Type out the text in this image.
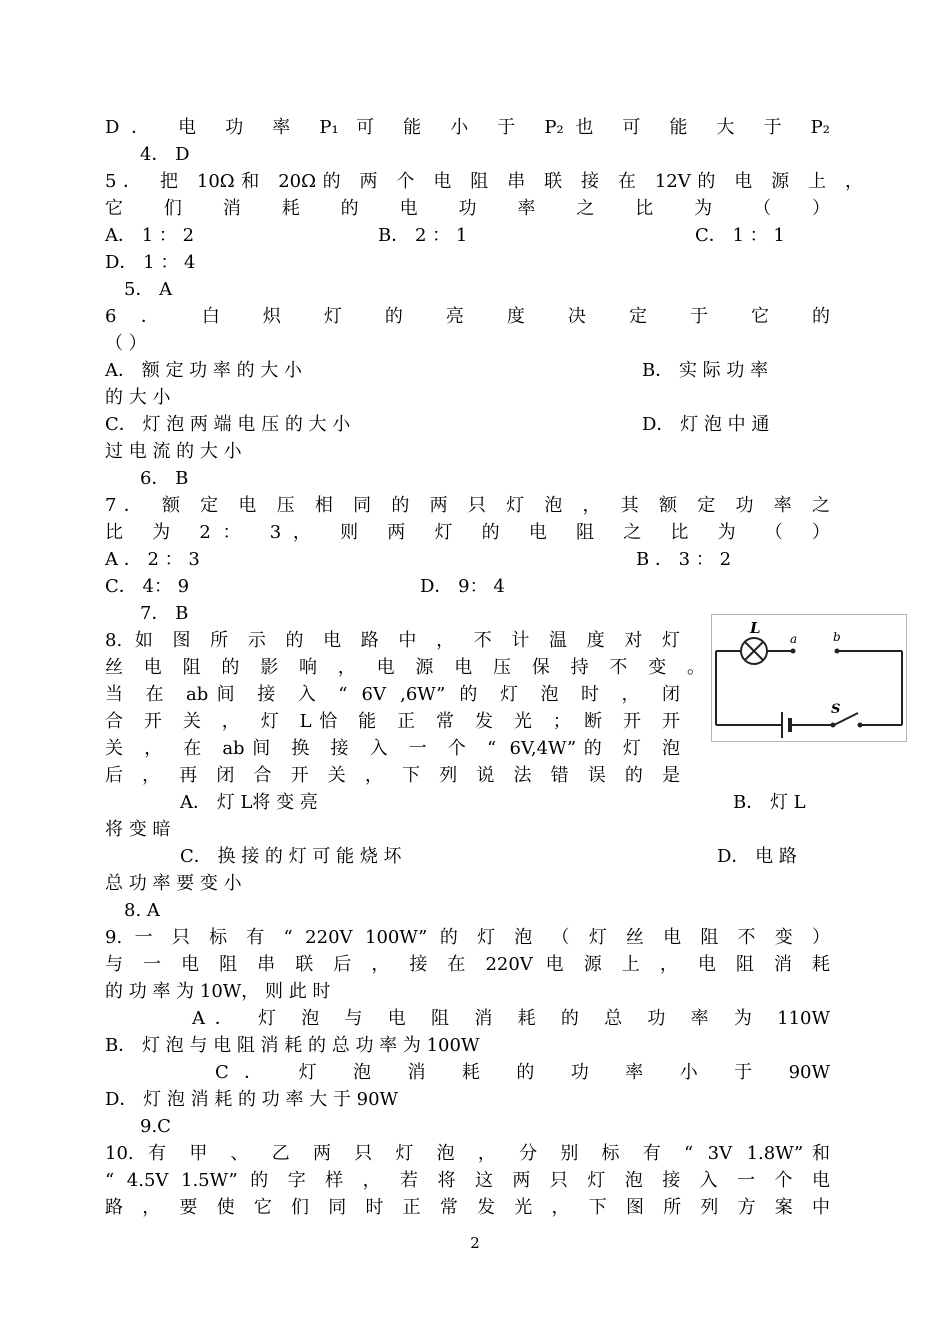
D． 电 功 率 P₁ 可 能 小 于 P₂也 可 能 大 于 P₂
4． D
5． 把 10Ω和 20Ω的 两 个 电 阻 串 联 接 在 12V的 电 源 上 ，
它 们 消 耗 的 电 功 率 之 比 为 （ ）
A． 1 ： 2	B． 2 ： 1	C． 1 ： 1
D． 1 ： 4
5． A
6 ． 白 炽 灯 的 亮 度 决 定 于 它 的
（ ）
A． 额 定 功 率 的 大 小	B． 实 际 功 率
的 大 小
C． 灯 泡 两 端 电 压 的 大 小	D． 灯 泡 中 通
过 电 流 的 大 小
6． B
7． 额 定 电 压 相 同 的 两 只 灯 泡 ， 其 额 定 功 率 之
比 为 2： 3， 则 两 灯 的 电 阻 之 比 为 （ ）
A ． 2 ： 3	B ． 3 ： 2
C． 4： 9	D． 9： 4
7． B
8. 如 图 所 示 的 电 路 中 ， 不 计 温 度 对 灯
丝 电 阻 的 影 响 ， 电 源 电 压 保 持 不 变 。
当 在 ab间 接 入 “ 6V ,6W” 的 灯 泡 时 ， 闭
合 开 关 ， 灯 L恰 能 正 常 发 光 ； 断 开 开
关 ， 在 ab间 换 接 入 一 个 “ 6V,4W”的 灯 泡
后 ， 再 闭 合 开 关 ， 下 列 说 法 错 误 的 是
L
a	b
S
A． 灯 L将 变 亮	B． 灯 L
将 变 暗
C． 换 接 的 灯 可 能 烧 坏	D． 电 路
总 功 率 要 变 小
8. A
9. 一 只 标 有 “ 220V 100W” 的 灯 泡 （ 灯 丝 电 阻 不 变 ）
与 一 电 阻 串 联 后 ， 接 在 220V 电 源 上 ， 电 阻 消 耗
的 功 率 为 10W， 则 此 时
A． 灯 泡 与 电 阻 消 耗 的 总 功 率 为 110W
B． 灯 泡 与 电 阻 消 耗 的 总 功 率 为 100W
C． 灯 泡 消 耗 的 功 率 小 于 90W
D． 灯 泡 消 耗 的 功 率 大 于 90W
9.C
10. 有 甲 、 乙 两 只 灯 泡 ， 分 别 标 有 “ 3V 1.8W”和
“ 4.5V 1.5W” 的 字 样 ， 若 将 这 两 只 灯 泡 接 入 一 个 电
路 ， 要 使 它 们 同 时 正 常 发 光 ， 下 图 所 列 方 案 中
2
